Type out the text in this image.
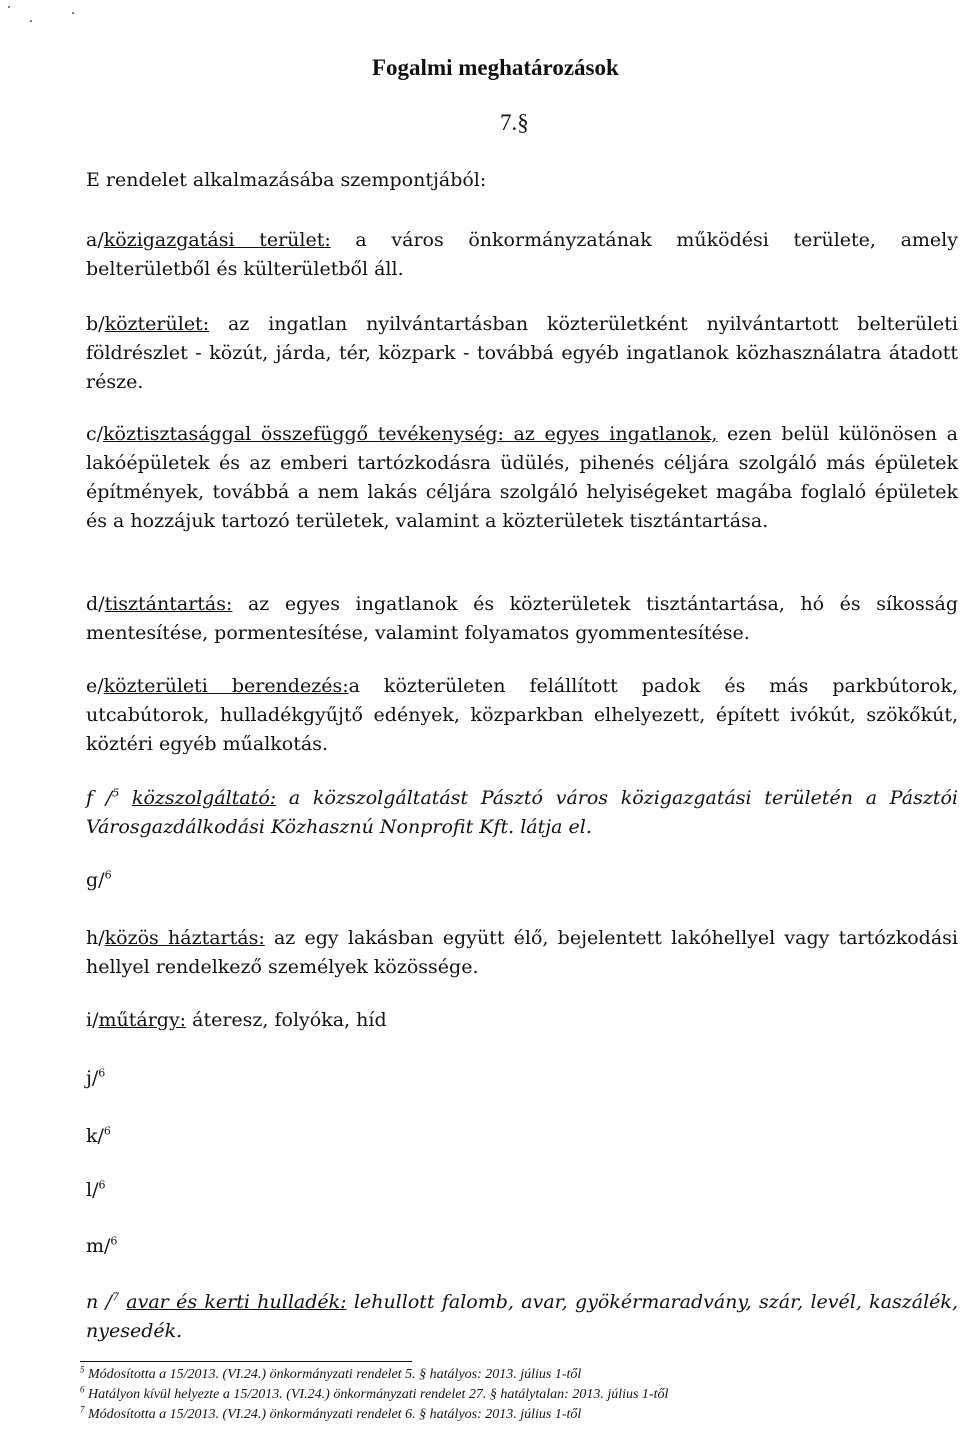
Fogalmi meghatározások
7.§
E rendelet alkalmazásába szempontjából:
a/közigazgatási terület: a város önkormányzatának működési területe, amely belterületből és külterületből áll.
b/közterület: az ingatlan nyilvántartásban közterületként nyilvántartott belterületi földrészlet - közút, járda, tér, közpark - továbbá egyéb ingatlanok közhasználatra átadott része.
c/köztisztasággal összefüggő tevékenység: az egyes ingatlanok, ezen belül különösen a lakóépületek és az emberi tartózkodásra üdülés, pihenés céljára szolgáló más épületek építmények, továbbá a nem lakás céljára szolgáló helyiségeket magába foglaló épületek és a hozzájuk tartozó területek, valamint a közterületek tisztántartása.
d/tisztántartás: az egyes ingatlanok és közterületek tisztántartása, hó és síkosság mentesítése, pormentesítése, valamint folyamatos gyommentesítése.
e/közterületi berendezés:a közterületen felállított padok és más parkbútorok, utcabútorok, hulladékgyűjtő edények, közparkban elhelyezett, épített ivókút, szökőkút, köztéri egyéb műalkotás.
f /$^5$ közszolgáltató: a közszolgáltatást Pásztó város közigazgatási területén a Pásztói Városgazdálkodási Közhasznú Nonprofit Kft. látja el.
g/$^6$
h/közös háztartás: az egy lakásban együtt élő, bejelentett lakóhellyel vagy tartózkodási hellyel rendelkező személyek közössége.
i/műtárgy: áteresz, folyóka, híd
j/$^6$
k/$^6$
l/$^6$
m/$^6$
n /$^7$ avar és kerti hulladék: lehullott falomb, avar, gyökérmaradvány, szár, levél, kaszálék, nyesedék.
$^5$ Módosította a 15/2013. (VI.24.) önkormányzati rendelet 5. § hatályos: 2013. július 1-től
$^6$ Hatályon kívül helyezte a 15/2013. (VI.24.) önkormányzati rendelet 27. § hatálytalan: 2013. július 1-től
$^7$ Módosította a 15/2013. (VI.24.) önkormányzati rendelet 6. § hatályos: 2013. július 1-től
